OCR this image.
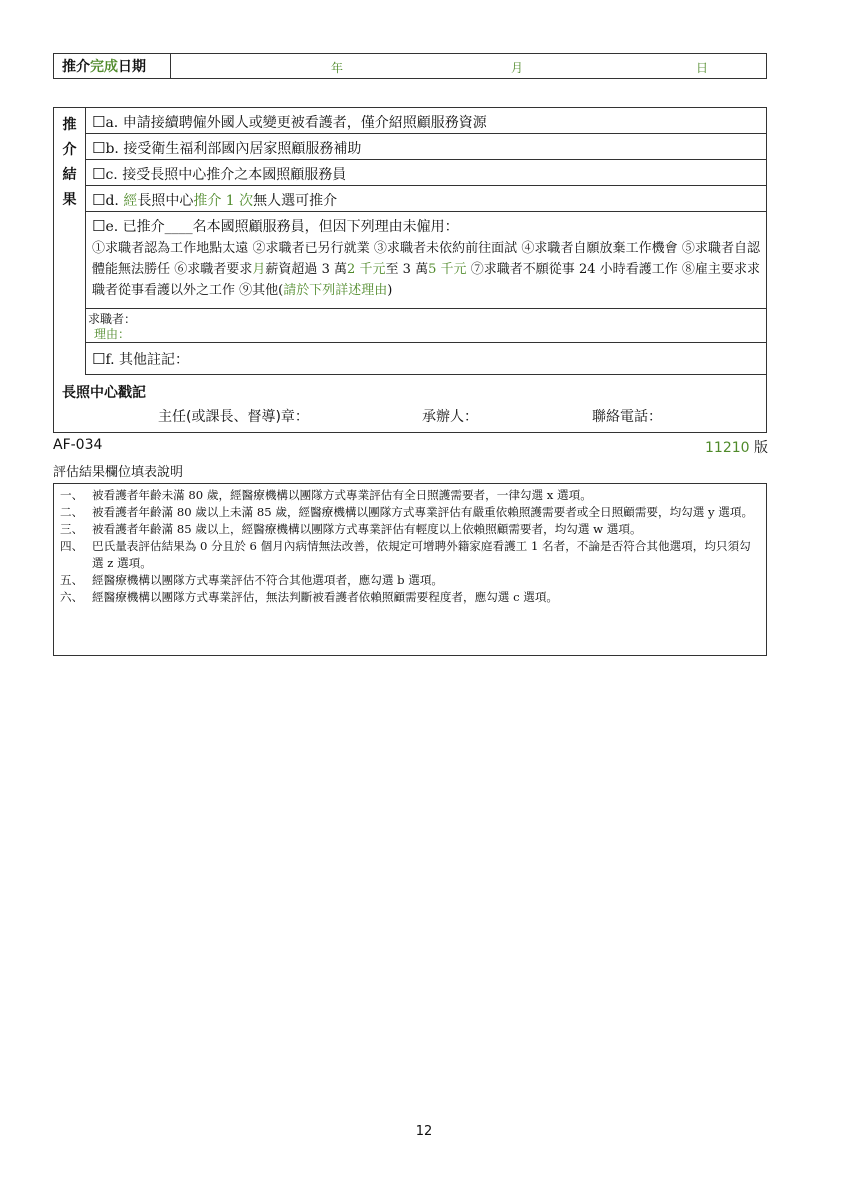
推介 完成 日期	年	月	日
推
介
結
果
☐a. 申請接續聘僱外國人或變更被看護者，僅介紹照顧服務資源
☐b. 接受衛生福利部國內居家照顧服務補助
☐c. 接受長照中心推介之本國照顧服務員
☐d. 經長照中心推介 1 次無人選可推介
☐e. 已推介____名本國照顧服務員，但因下列理由未僱用：
①求職者認為工作地點太遠 ②求職者已另行就業 ③求職者未依約前往面試 ④求職者自願放棄工作機會 ⑤求職者自認體能無法勝任 ⑥求職者要求月薪資超過 3 萬2 千元至 3 萬5 千元 ⑦求職者不願從事 24 小時看護工作 ⑧雇主要求求職者從事看護以外之工作 ⑨其他(請於下列詳述理由)
求職者：
理由：
☐f. 其他註記：
長照中心戳記
主任(或課長、督導)章：	承辦人：	聯絡電話：
AF-034	11210 版
評估結果欄位填表說明
一、 被看護者年齡未滿 80 歲，經醫療機構以團隊方式專業評估有全日照護需要者，一律勾選 x 選項。
二、 被看護者年齡滿 80 歲以上未滿 85 歲，經醫療機構以團隊方式專業評估有嚴重依賴照護需要者或全日照顧需要，均勾選 y 選項。
三、 被看護者年齡滿 85 歲以上，經醫療機構以團隊方式專業評估有輕度以上依賴照顧需要者，均勾選 w 選項。
四、 巴氏量表評估結果為 0 分且於 6 個月內病情無法改善，依規定可增聘外籍家庭看護工 1 名者，不論是否符合其他選項，均只須勾選 z 選項。
五、 經醫療機構以團隊方式專業評估不符合其他選項者，應勾選 b 選項。
六、 經醫療機構以團隊方式專業評估，無法判斷被看護者依賴照顧需要程度者，應勾選 c 選項。
12
